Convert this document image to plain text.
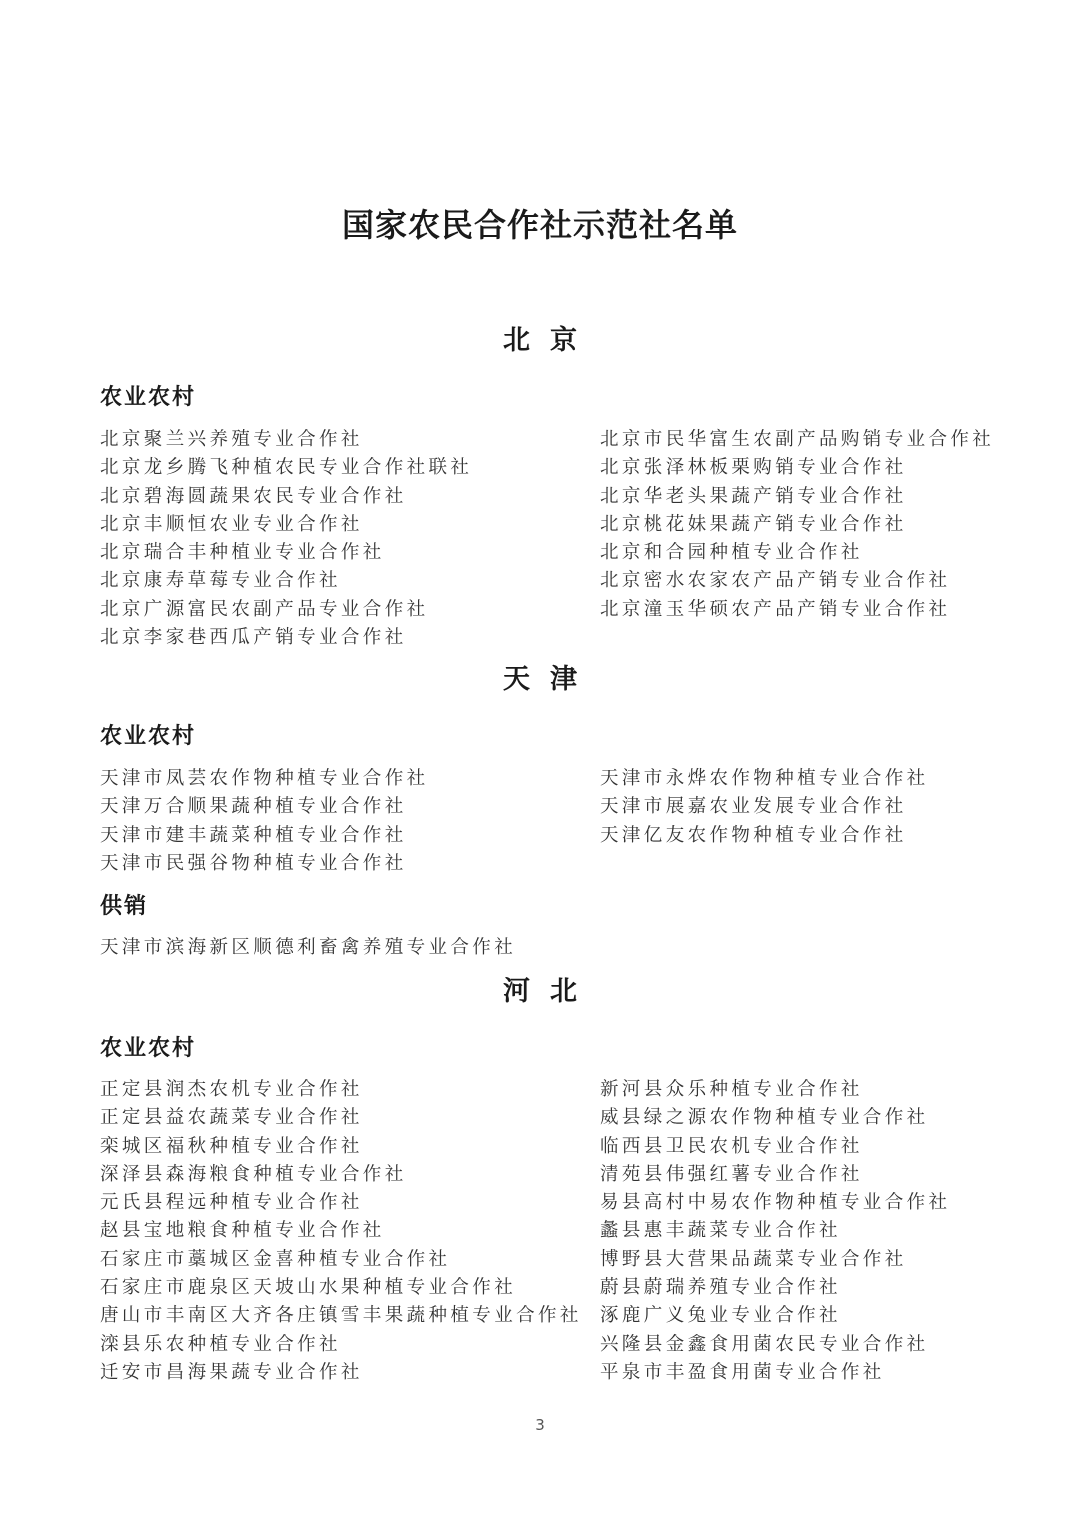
国家农民合作社示范社名单
北京
农业农村
北京聚兰兴养殖专业合作社
北京龙乡腾飞种植农民专业合作社联社
北京碧海圆蔬果农民专业合作社
北京丰顺恒农业专业合作社
北京瑞合丰种植业专业合作社
北京康寿草莓专业合作社
北京广源富民农副产品专业合作社
北京李家巷西瓜产销专业合作社
北京市民华富生农副产品购销专业合作社
北京张泽林板栗购销专业合作社
北京华老头果蔬产销专业合作社
北京桃花妹果蔬产销专业合作社
北京和合园种植专业合作社
北京密水农家农产品产销专业合作社
北京潼玉华硕农产品产销专业合作社
天津
农业农村
天津市凤芸农作物种植专业合作社
天津万合顺果蔬种植专业合作社
天津市建丰蔬菜种植专业合作社
天津市民强谷物种植专业合作社
天津市永烨农作物种植专业合作社
天津市展嘉农业发展专业合作社
天津亿友农作物种植专业合作社
供销
天津市滨海新区顺德利畜禽养殖专业合作社
河北
农业农村
正定县润杰农机专业合作社
正定县益农蔬菜专业合作社
栾城区福秋种植专业合作社
深泽县森海粮食种植专业合作社
元氏县程远种植专业合作社
赵县宝地粮食种植专业合作社
石家庄市藁城区金喜种植专业合作社
石家庄市鹿泉区天坡山水果种植专业合作社
唐山市丰南区大齐各庄镇雪丰果蔬种植专业合作社
滦县乐农种植专业合作社
迁安市昌海果蔬专业合作社
新河县众乐种植专业合作社
威县绿之源农作物种植专业合作社
临西县卫民农机专业合作社
清苑县伟强红薯专业合作社
易县高村中易农作物种植专业合作社
蠡县惠丰蔬菜专业合作社
博野县大营果品蔬菜专业合作社
蔚县蔚瑞养殖专业合作社
涿鹿广义兔业专业合作社
兴隆县金鑫食用菌农民专业合作社
平泉市丰盈食用菌专业合作社

3
